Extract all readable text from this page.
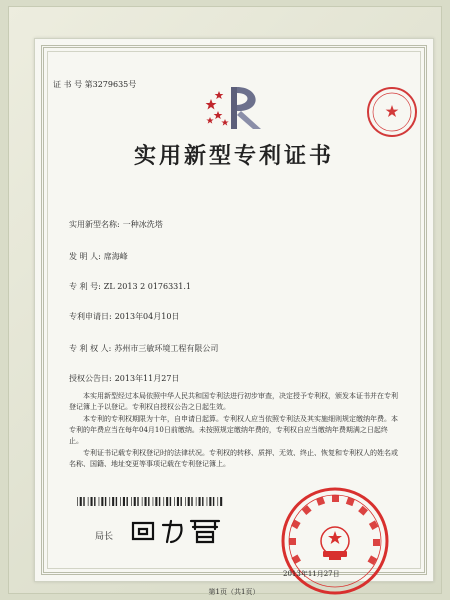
证 书 号 第3279635号
实用新型专利证书
实用新型名称: 一种冰洗塔
发 明 人: 席海峰
专 利 号: ZL 2013 2 0176331.1
专利申请日: 2013年04月10日
专 利 权 人: 苏州市三敏环境工程有限公司
授权公告日: 2013年11月27日

本实用新型经过本局依照中华人民共和国专利法进行初步审查，决定授予专利权，颁发本证书并在专利登记簿上予以登记。专利权自授权公告之日起生效。

本专利的专利权期限为十年，自申请日起算。专利权人应当依照专利法及其实施细则规定缴纳年费。本专利的年费应当在每年04月10日前缴纳。未按照规定缴纳年费的，专利权自应当缴纳年费期满之日起终止。

专利证书记载专利权登记时的法律状况。专利权的转移、质押、无效、终止、恢复和专利权人的姓名或名称、国籍、地址变更等事项记载在专利登记簿上。

局长
2013年11月27日
第1页（共1页）
